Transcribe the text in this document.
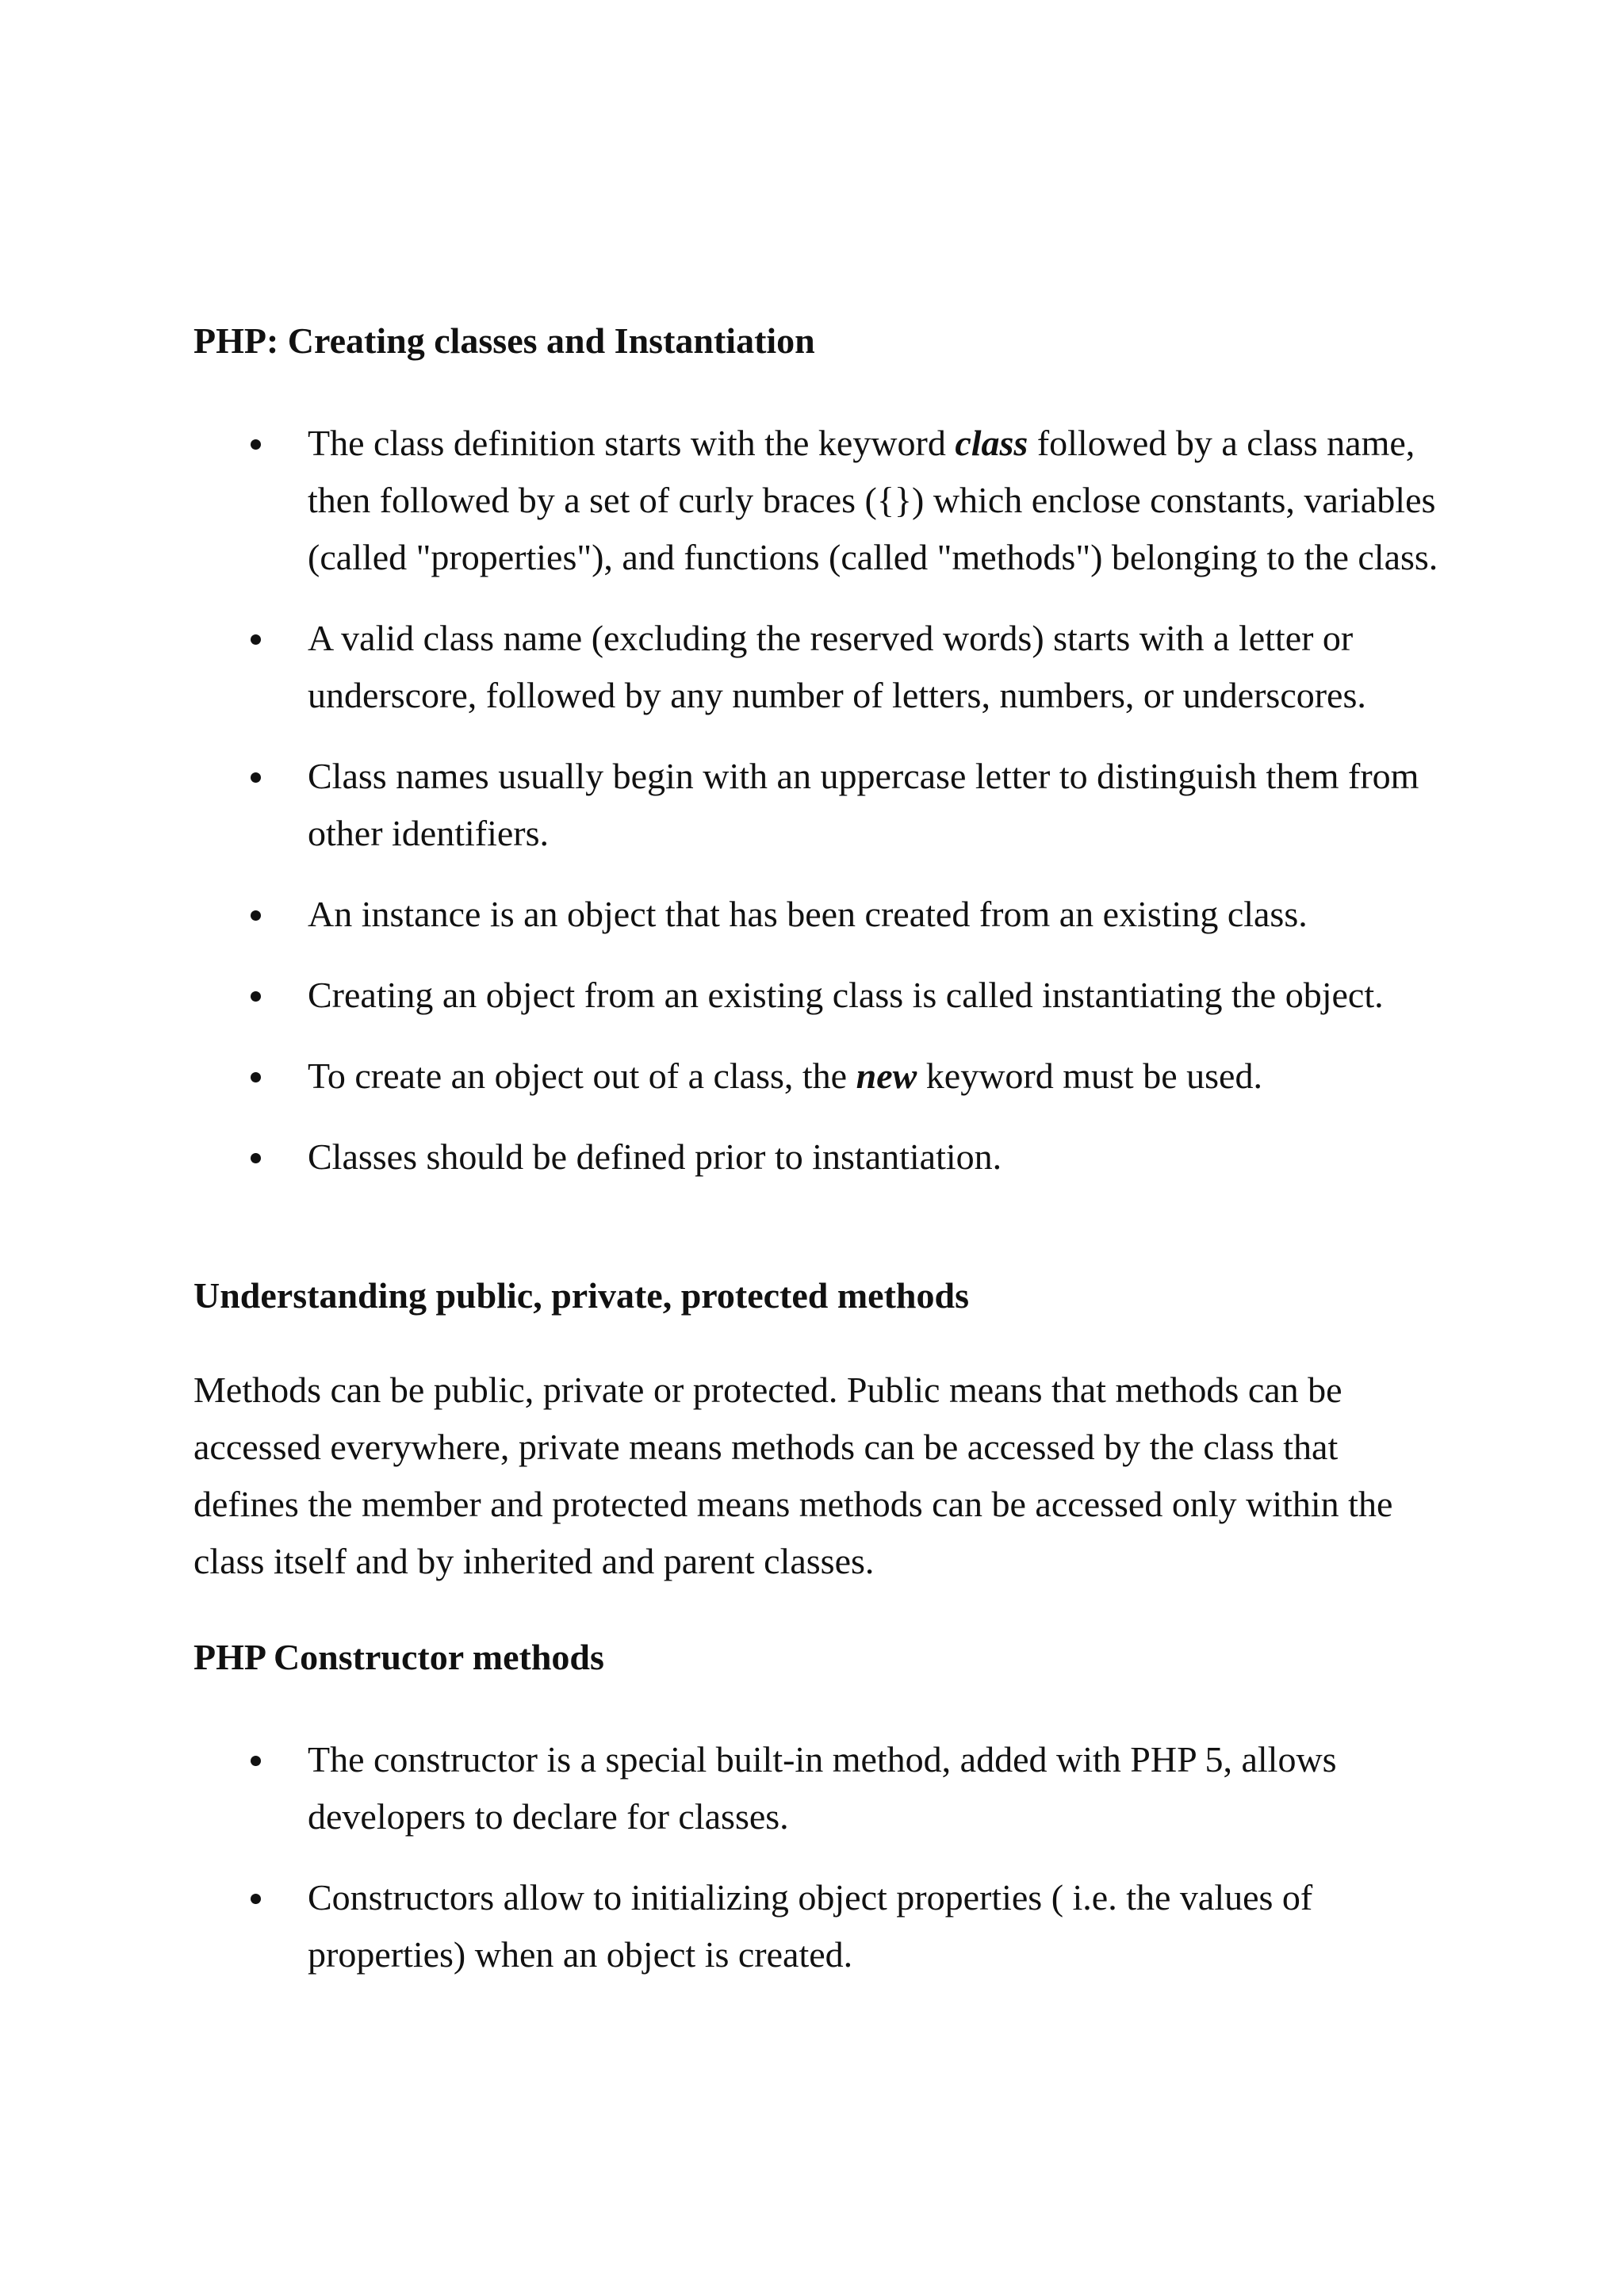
PHP: Creating classes and Instantiation
The class definition starts with the keyword class followed by a class name, then followed by a set of curly braces ({}) which enclose constants, variables (called "properties"), and functions (called "methods") belonging to the class.
A valid class name (excluding the reserved words) starts with a letter or underscore, followed by any number of letters, numbers, or underscores.
Class names usually begin with an uppercase letter to distinguish them from other identifiers.
An instance is an object that has been created from an existing class.
Creating an object from an existing class is called instantiating the object.
To create an object out of a class, the new keyword must be used.
Classes should be defined prior to instantiation.
Understanding public, private, protected methods
Methods can be public, private or protected. Public means that methods can be accessed everywhere, private means methods can be accessed by the class that defines the member and protected means methods can be accessed only within the class itself and by inherited and parent classes.
PHP Constructor methods
The constructor is a special built-in method, added with PHP 5, allows developers to declare for classes.
Constructors allow to initializing object properties ( i.e. the values of properties) when an object is created.
